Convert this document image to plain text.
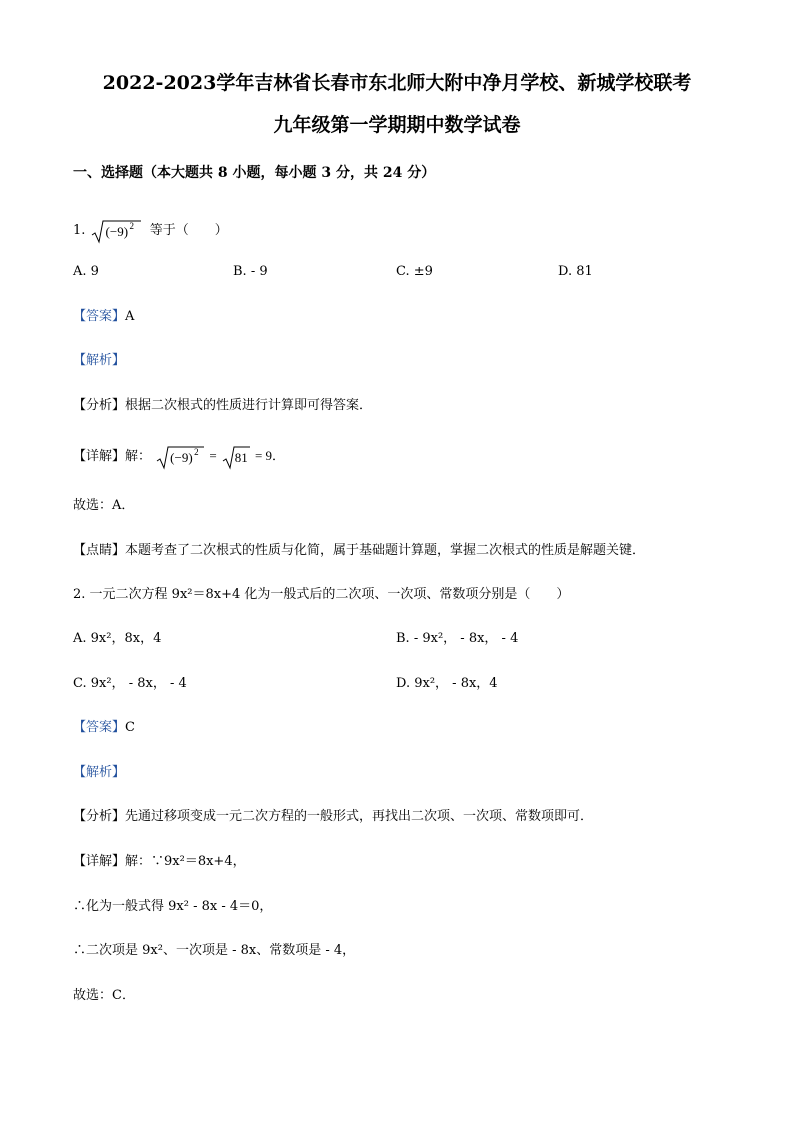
2022-2023学年吉林省长春市东北师大附中净月学校、新城学校联考
九年级第一学期期中数学试卷
一、选择题（本大题共 8 小题，每小题 3 分，共 24 分）
1. (−9) 2 等于（　　）
A. 9	B. - 9	C. ±9	D. 81
【答案】A
【解析】
【分析】根据二次根式的性质进行计算即可得答案．
【详解】解： (−9) 2 = 81 = 9．
故选：A．
【点睛】本题考查了二次根式的性质与化简，属于基础题计算题，掌握二次根式的性质是解题关键．
2. 一元二次方程 9x²＝8x+4 化为一般式后的二次项、一次项、常数项分别是（　　）
A. 9x²，8x，4	B. - 9x²， - 8x， - 4
C. 9x²， - 8x， - 4	D. 9x²， - 8x，4
【答案】C
【解析】
【分析】先通过移项变成一元二次方程的一般形式，再找出二次项、一次项、常数项即可．
【详解】解：∵9x²＝8x+4，
∴化为一般式得 9x² - 8x - 4＝0，
∴二次项是 9x²、一次项是 - 8x、常数项是 - 4，
故选：C．
